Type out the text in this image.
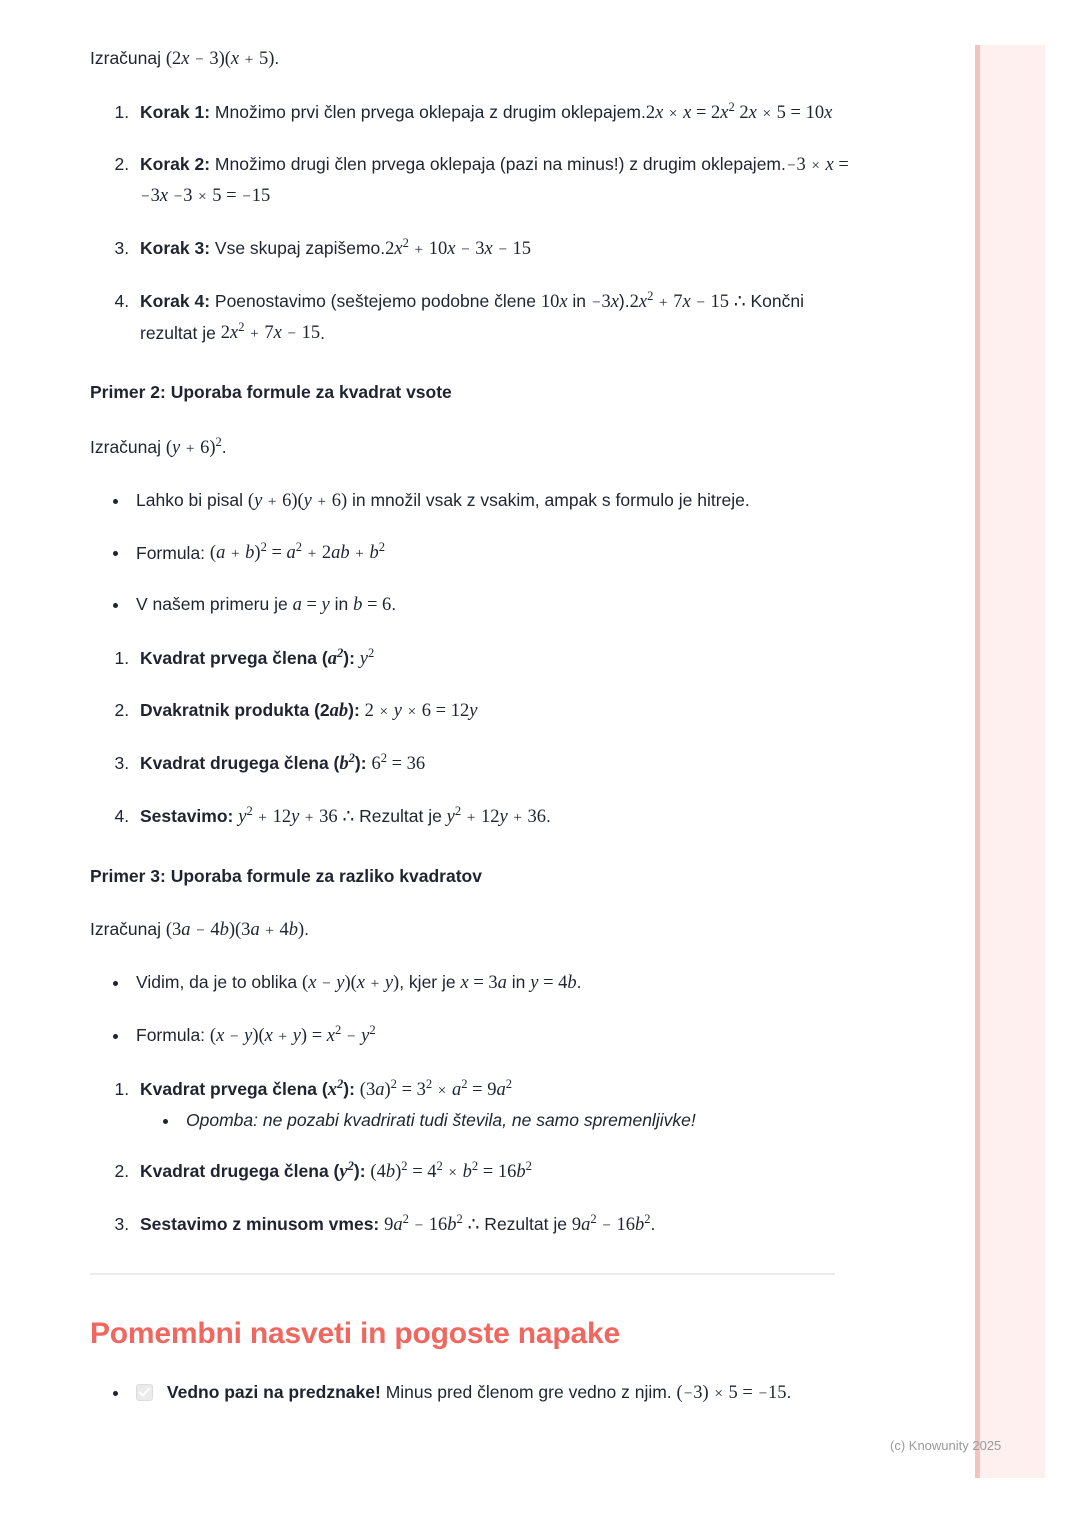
Izračunaj (2x − 3)(x + 5).

1. Korak 1: Množimo prvi člen prvega oklepaja z drugim oklepajem.2x × $x = 2x^2$ 2x × 5 = 10x
2. Korak 2: Množimo drugi člen prvega oklepaja (pazi na minus!) z drugim oklepajem.−3 × x = −3x −3 × 5 = −15
3. Korak 3: Vse skupaj $zapišemo.2x^2 + 10x - 3x - 15$
4. Korak 4: Poenostavimo (seštejemo podobne člene 10x in $-3x).2x^2 + 7x - 15$ ∴ Končni rezultat je $2x^2 + 7x - 15$.
Primer 2: Uporaba formule za kvadrat vsote

Izračunaj $(y + 6)^2$.

• Lahko bi pisal (y + 6)(y + 6) in množil vsak z vsakim, ampak s formulo je hitreje.
• Formula: $(a + b)^2 = a^2 + 2ab + b^2$
• V našem primeru je a = y in b = 6.
1. Kvadrat prvega člena $(a^2)$: $y^2$
2. Dvakratnik produkta (2ab): 2 × y × 6 = 12y
3. Kvadrat drugega člena $(b^2)$: $6^2 = 36$
4. Sestavimo: $y^2 + 12y + 36$ ∴ Rezultat je $y^2 + 12y + 36$.
Primer 3: Uporaba formule za razliko kvadratov

Izračunaj (3a − 4b)(3a + 4b).

• Vidim, da je to oblika (x − y)(x + y), kjer je x = 3a in y = 4b.
• Formula: $(x - y)(x + y) = x^2 - y^2$
1. Kvadrat prvega člena $(x^2)$: $(3a)^2 = 3^2 \times a^2 = 9a^2$
• Opomba: ne pozabi kvadrirati tudi števila, ne samo spremenljivke!
2. Kvadrat drugega člena $(y^2)$: $(4b)^2 = 4^2 \times b^2 = 16b^2$
3. Sestavimo z minusom vmes: $9a^2 - 16b^2$ ∴ Rezultat je $9a^2 - 16b^2$.
Pomembni nasveti in pogoste napake
• Vedno pazi na predznake! Minus pred členom gre vedno z njim. (−3) × 5 = −15.
(c) Knowunity 2025
